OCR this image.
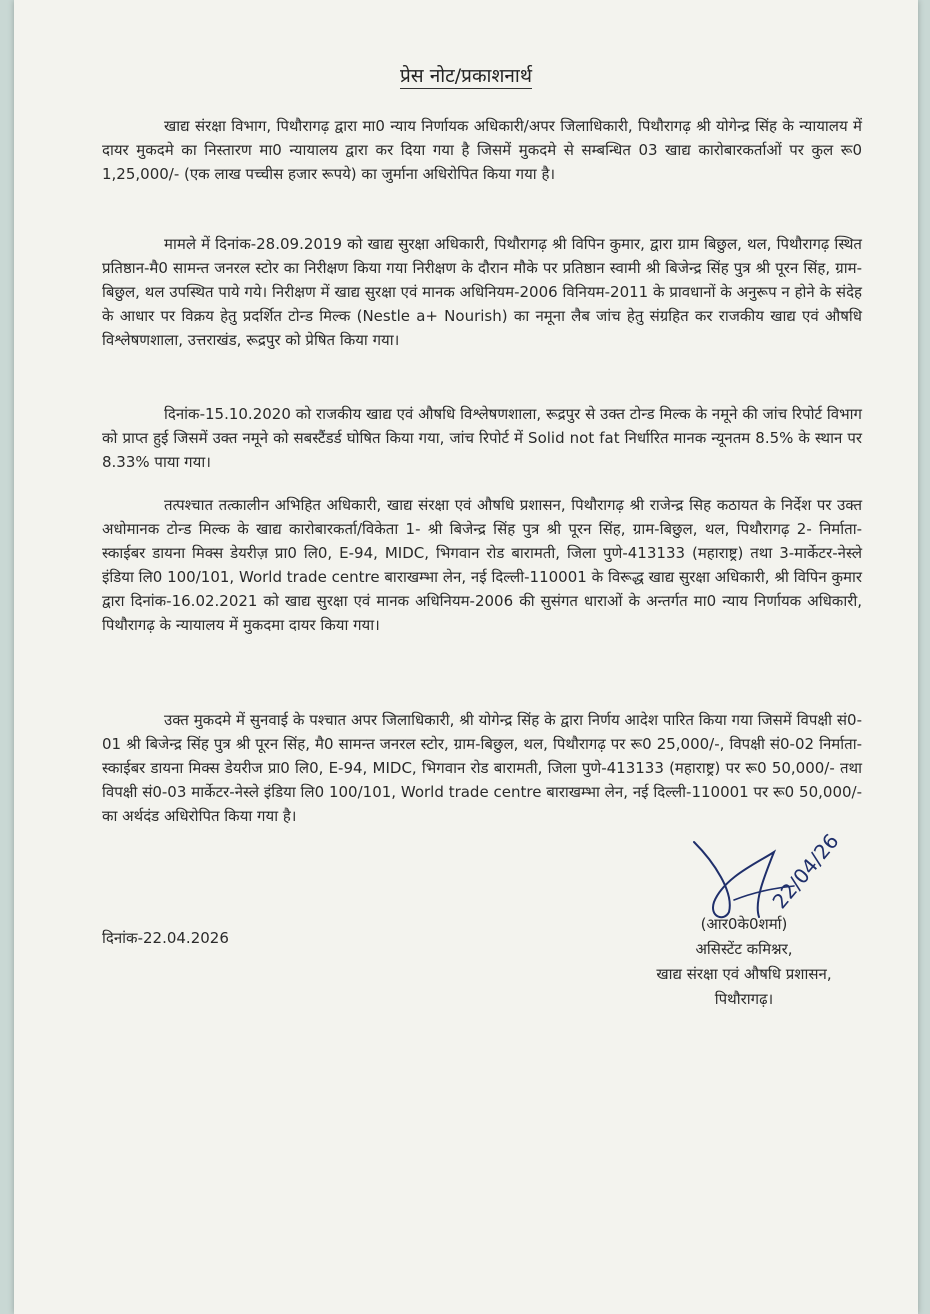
प्रेस नोट/प्रकाशनार्थ

खाद्य संरक्षा विभाग, पिथौरागढ़ द्वारा मा0 न्याय निर्णायक अधिकारी/अपर जिलाधिकारी, पिथौरागढ़ श्री योगेन्द्र सिंह के न्यायालय में दायर मुकदमे का निस्तारण मा0 न्यायालय द्वारा कर दिया गया है जिसमें मुकदमे से सम्बन्धित 03 खाद्य कारोबारकर्ताओं पर कुल रू0 1,25,000/- (एक लाख पच्चीस हजार रूपये) का जुर्माना अधिरोपित किया गया है।

मामले में दिनांक-28.09.2019 को खाद्य सुरक्षा अधिकारी, पिथौरागढ़ श्री विपिन कुमार, द्वारा ग्राम बिछुल, थल, पिथौरागढ़ स्थित प्रतिष्ठान-मै0 सामन्त जनरल स्टोर का निरीक्षण किया गया निरीक्षण के दौरान मौके पर प्रतिष्ठान स्वामी श्री बिजेन्द्र सिंह पुत्र श्री पूरन सिंह, ग्राम-बिछुल, थल उपस्थित पाये गये। निरीक्षण में खाद्य सुरक्षा एवं मानक अधिनियम-2006 विनियम-2011 के प्रावधानों के अनुरूप न होने के संदेह के आधार पर विक्रय हेतु प्रदर्शित टोन्ड मिल्क (Nestle a+ Nourish) का नमूना लैब जांच हेतु संग्रहित कर राजकीय खाद्य एवं औषधि विश्लेषणशाला, उत्तराखंड, रूद्रपुर को प्रेषित किया गया।

दिनांक-15.10.2020 को राजकीय खाद्य एवं औषधि विश्लेषणशाला, रूद्रपुर से उक्त टोन्ड मिल्क के नमूने की जांच रिपोर्ट विभाग को प्राप्त हुई जिसमें उक्त नमूने को सबस्टैंडर्ड घोषित किया गया, जांच रिपोर्ट में Solid not fat निर्धारित मानक न्यूनतम 8.5% के स्थान पर 8.33% पाया गया।

तत्पश्चात तत्कालीन अभिहित अधिकारी, खाद्य संरक्षा एवं औषधि प्रशासन, पिथौरागढ़ श्री राजेन्द्र सिह कठायत के निर्देश पर उक्त अधोमानक टोन्ड मिल्क के खाद्य कारोबारकर्ता/विकेता 1- श्री बिजेन्द्र सिंह पुत्र श्री पूरन सिंह, ग्राम-बिछुल, थल, पिथौरागढ़ 2- निर्माता- स्काईबर डायना मिक्स डेयरीज़ प्रा0 लि0, E-94, MIDC, भिगवान रोड बारामती, जिला पुणे-413133 (महाराष्ट्र) तथा 3-मार्केटर-नेस्ले इंडिया लि0 100/101, World trade centre बाराखम्भा लेन, नई दिल्ली-110001 के विरूद्ध खाद्य सुरक्षा अधिकारी, श्री विपिन कुमार द्वारा दिनांक-16.02.2021 को खाद्य सुरक्षा एवं मानक अधिनियम-2006 की सुसंगत धाराओं के अन्तर्गत मा0 न्याय निर्णायक अधिकारी, पिथौरागढ़ के न्यायालय में मुकदमा दायर किया गया।

उक्त मुकदमे में सुनवाई के पश्चात अपर जिलाधिकारी, श्री योगेन्द्र सिंह के द्वारा निर्णय आदेश पारित किया गया जिसमें विपक्षी सं0-01 श्री बिजेन्द्र सिंह पुत्र श्री पूरन सिंह, मै0 सामन्त जनरल स्टोर, ग्राम-बिछुल, थल, पिथौरागढ़ पर रू0 25,000/-, विपक्षी सं0-02 निर्माता- स्काईबर डायना मिक्स डेयरीज प्रा0 लि0, E-94, MIDC, भिगवान रोड बारामती, जिला पुणे-413133 (महाराष्ट्र) पर रू0 50,000/- तथा विपक्षी सं0-03 मार्केटर-नेस्ले इंडिया लि0 100/101, World trade centre बाराखम्भा लेन, नई दिल्ली-110001 पर रू0 50,000/- का अर्थदंड अधिरोपित किया गया है।

22/04/26
दिनांक-22.04.2026
(आर0के0शर्मा)
असिस्टेंट कमिश्नर,
खाद्य संरक्षा एवं औषधि प्रशासन,
पिथौरागढ़।
